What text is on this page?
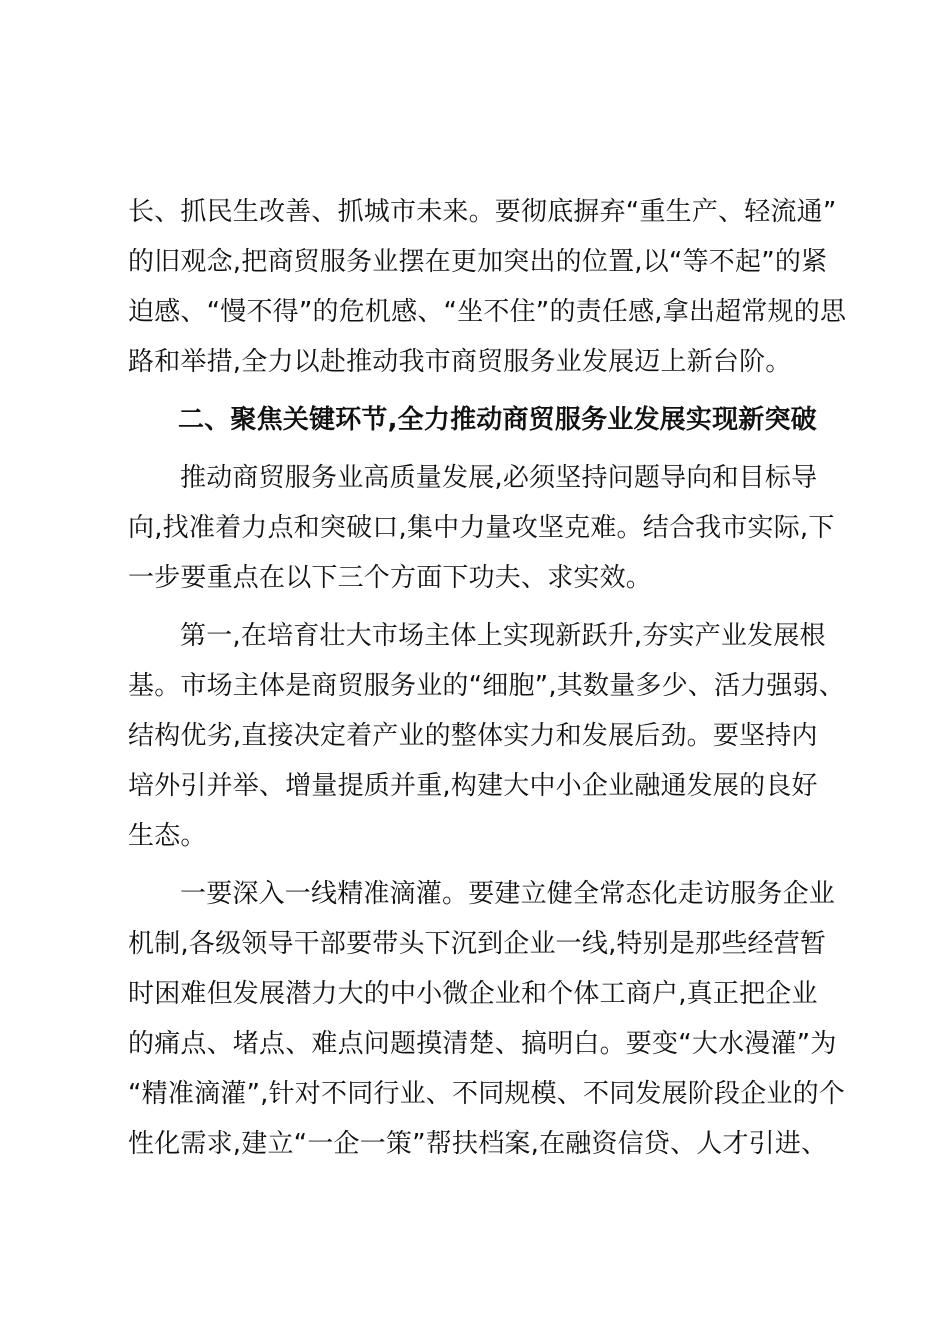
长、抓民生改善、抓城市未来。要彻底摒弃“重生产、轻流通”
的旧观念,把商贸服务业摆在更加突出的位置,以“等不起”的紧
迫感、“慢不得”的危机感、“坐不住”的责任感,拿出超常规的思
路和举措,全力以赴推动我市商贸服务业发展迈上新台阶。
二、聚焦关键环节,全力推动商贸服务业发展实现新突破
推动商贸服务业高质量发展,必须坚持问题导向和目标导
向,找准着力点和突破口,集中力量攻坚克难。结合我市实际,下
一步要重点在以下三个方面下功夫、求实效。
第一,在培育壮大市场主体上实现新跃升,夯实产业发展根
基。市场主体是商贸服务业的“细胞”,其数量多少、活力强弱、
结构优劣,直接决定着产业的整体实力和发展后劲。要坚持内
培外引并举、增量提质并重,构建大中小企业融通发展的良好
生态。
一要深入一线精准滴灌。要建立健全常态化走访服务企业
机制,各级领导干部要带头下沉到企业一线,特别是那些经营暂
时困难但发展潜力大的中小微企业和个体工商户,真正把企业
的痛点、堵点、难点问题摸清楚、搞明白。要变“大水漫灌”为
“精准滴灌”,针对不同行业、不同规模、不同发展阶段企业的个
性化需求,建立“一企一策”帮扶档案,在融资信贷、人才引进、
